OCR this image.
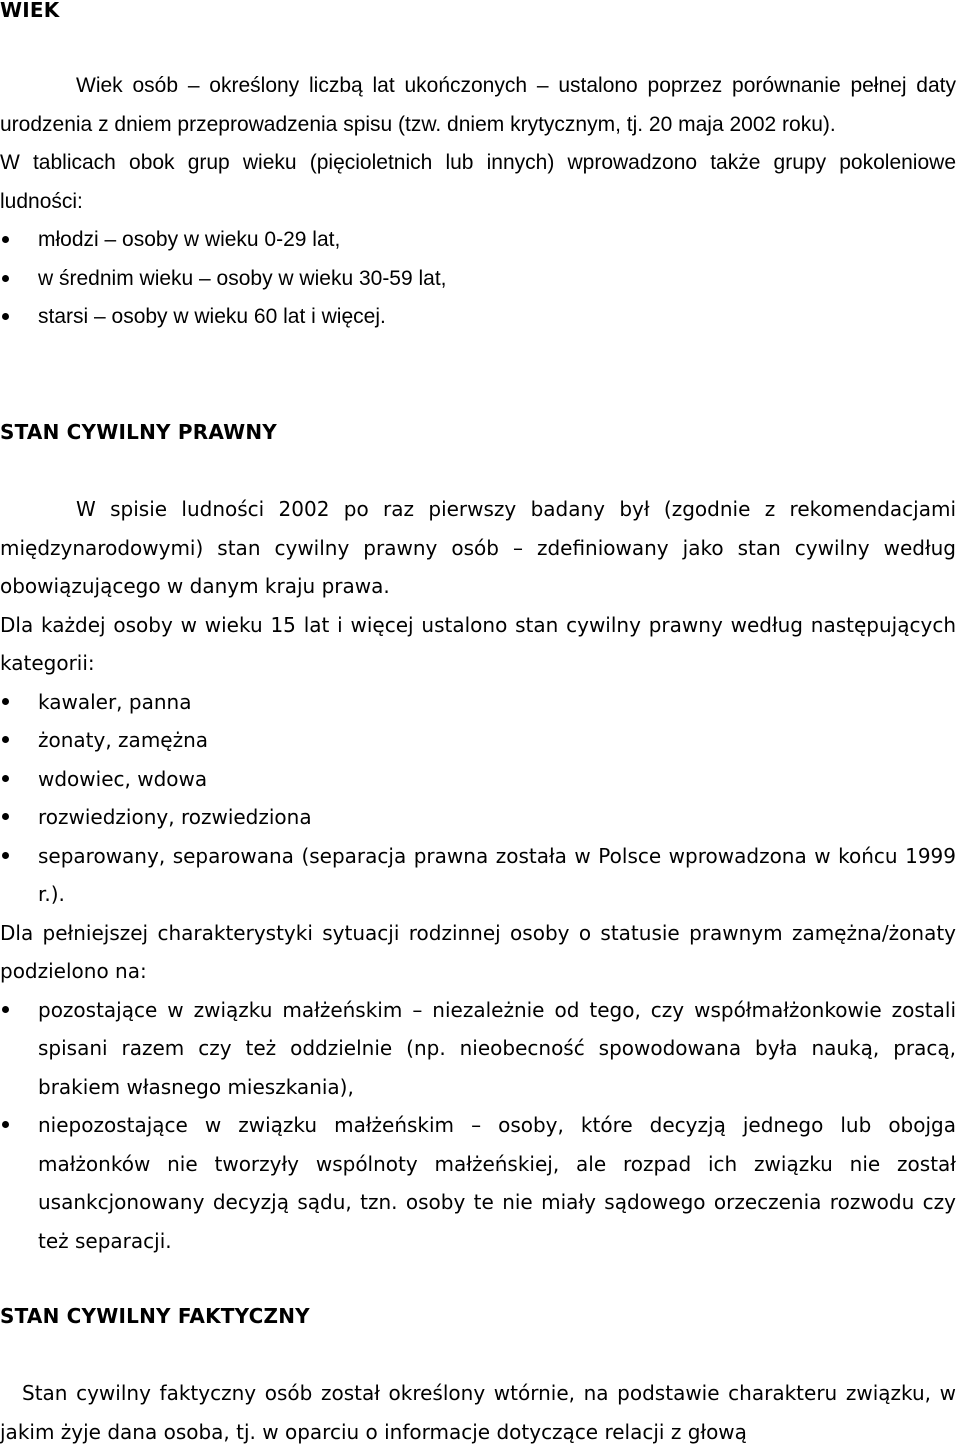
WIEK

Wiek osób – określony liczbą lat ukończonych – ustalono poprzez porównanie pełnej daty urodzenia z dniem przeprowadzenia spisu (tzw. dniem krytycznym, tj. 20 maja 2002 roku).

W tablicach obok grup wieku (pięcioletnich lub innych) wprowadzono także grupy pokoleniowe ludności:

młodzi – osoby w wieku 0-29 lat,
w średnim wieku – osoby w wieku 30-59 lat,
starsi – osoby w wieku 60 lat i więcej.
STAN CYWILNY PRAWNY

W spisie ludności 2002 po raz pierwszy badany był (zgodnie z rekomendacjami międzynarodowymi) stan cywilny prawny osób – zdefiniowany jako stan cywilny według obowiązującego w danym kraju prawa.

Dla każdej osoby w wieku 15 lat i więcej ustalono stan cywilny prawny według następujących kategorii:

kawaler, panna
żonaty, zamężna
wdowiec, wdowa
rozwiedziony, rozwiedziona
separowany, separowana (separacja prawna została w Polsce wprowadzona w końcu 1999 r.).

Dla pełniejszej charakterystyki sytuacji rodzinnej osoby o statusie prawnym zamężna/żonaty podzielono na:

pozostające w związku małżeńskim – niezależnie od tego, czy współmałżonkowie zostali spisani razem czy też oddzielnie (np. nieobecność spowodowana była nauką, pracą, brakiem własnego mieszkania),
niepozostające w związku małżeńskim – osoby, które decyzją jednego lub obojga małżonków nie tworzyły wspólnoty małżeńskiej, ale rozpad ich związku nie został usankcjonowany decyzją sądu, tzn. osoby te nie miały sądowego orzeczenia rozwodu czy też separacji.
STAN CYWILNY FAKTYCZNY

Stan cywilny faktyczny osób został określony wtórnie, na podstawie charakteru związku, w jakim żyje dana osoba, tj. w oparciu o informacje dotyczące relacji z głową
